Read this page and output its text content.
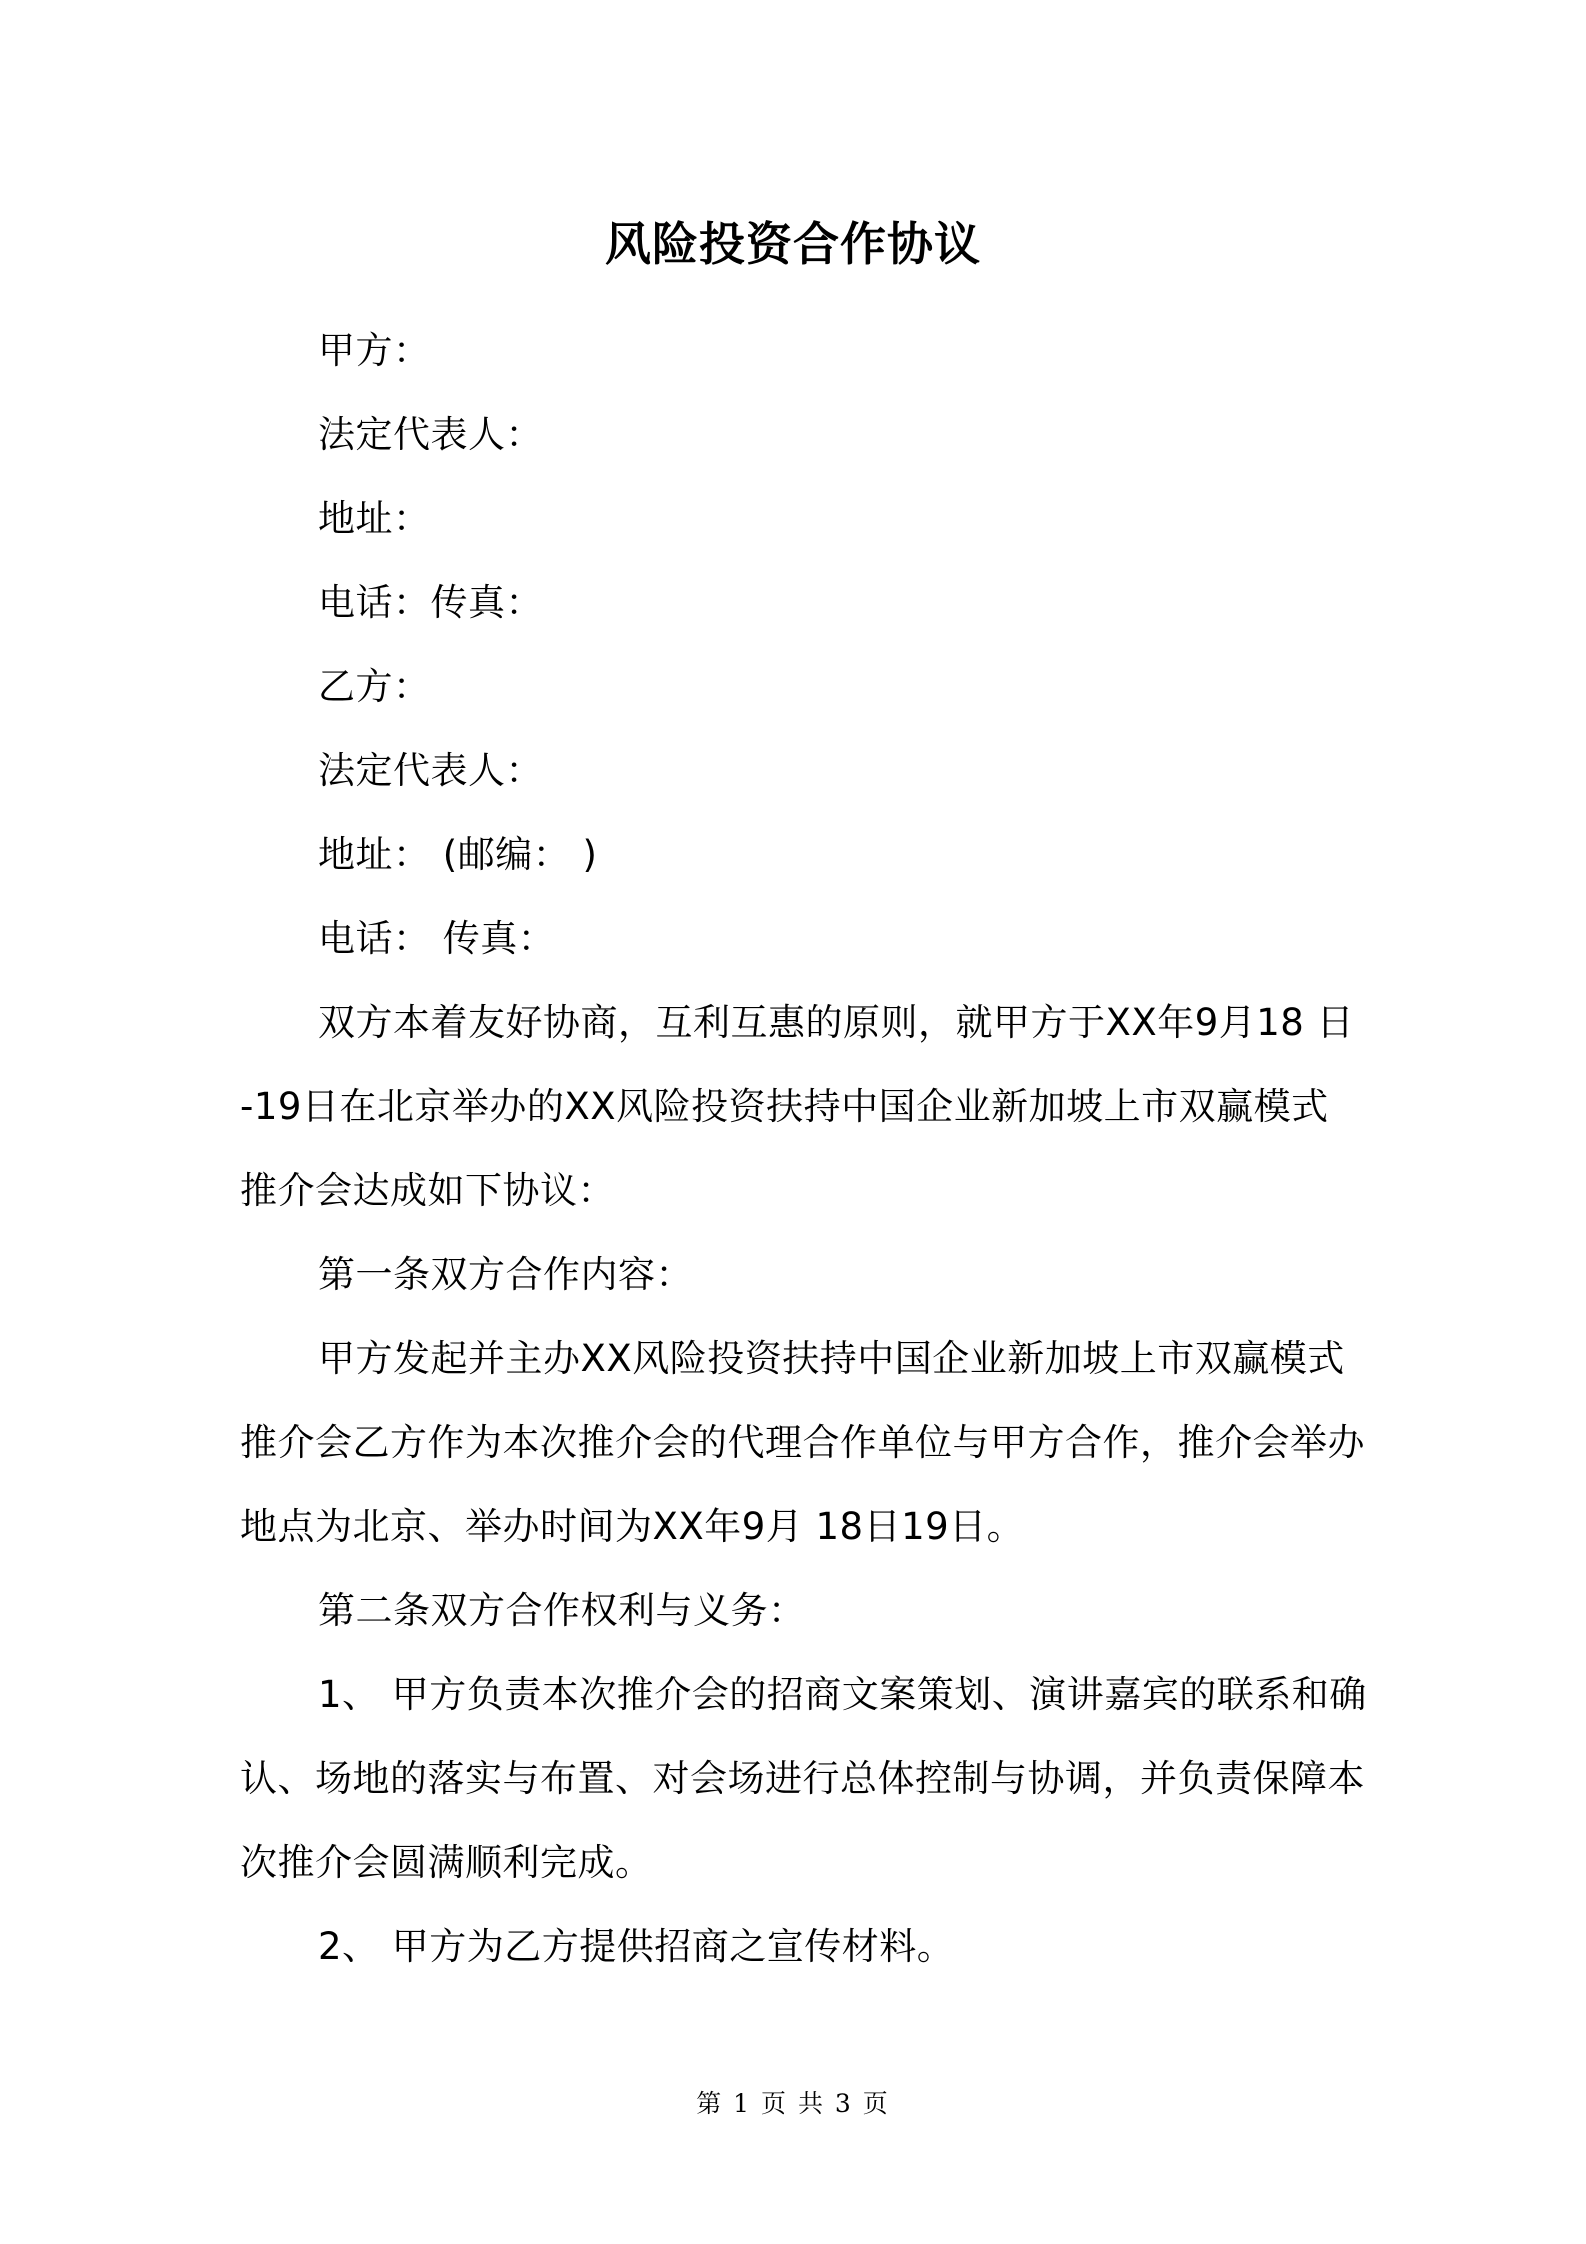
风险投资合作协议
甲方：
法定代表人：
地址：
电话：传真：
乙方：
法定代表人：
地址： (邮编： )
电话： 传真：
双方本着友好协商，互利互惠的原则，就甲方于XX年9月18 日
-19日在北京举办的XX风险投资扶持中国企业新加坡上市双赢模式
推介会达成如下协议：
第一条双方合作内容：
甲方发起并主办XX风险投资扶持中国企业新加坡上市双赢模式
推介会乙方作为本次推介会的代理合作单位与甲方合作，推介会举办
地点为北京、举办时间为XX年9月 18日19日。
第二条双方合作权利与义务：
1、 甲方负责本次推介会的招商文案策划、演讲嘉宾的联系和确
认、场地的落实与布置、对会场进行总体控制与协调，并负责保障本
次推介会圆满顺利完成。
2、 甲方为乙方提供招商之宣传材料。
第 1 页 共 3 页
